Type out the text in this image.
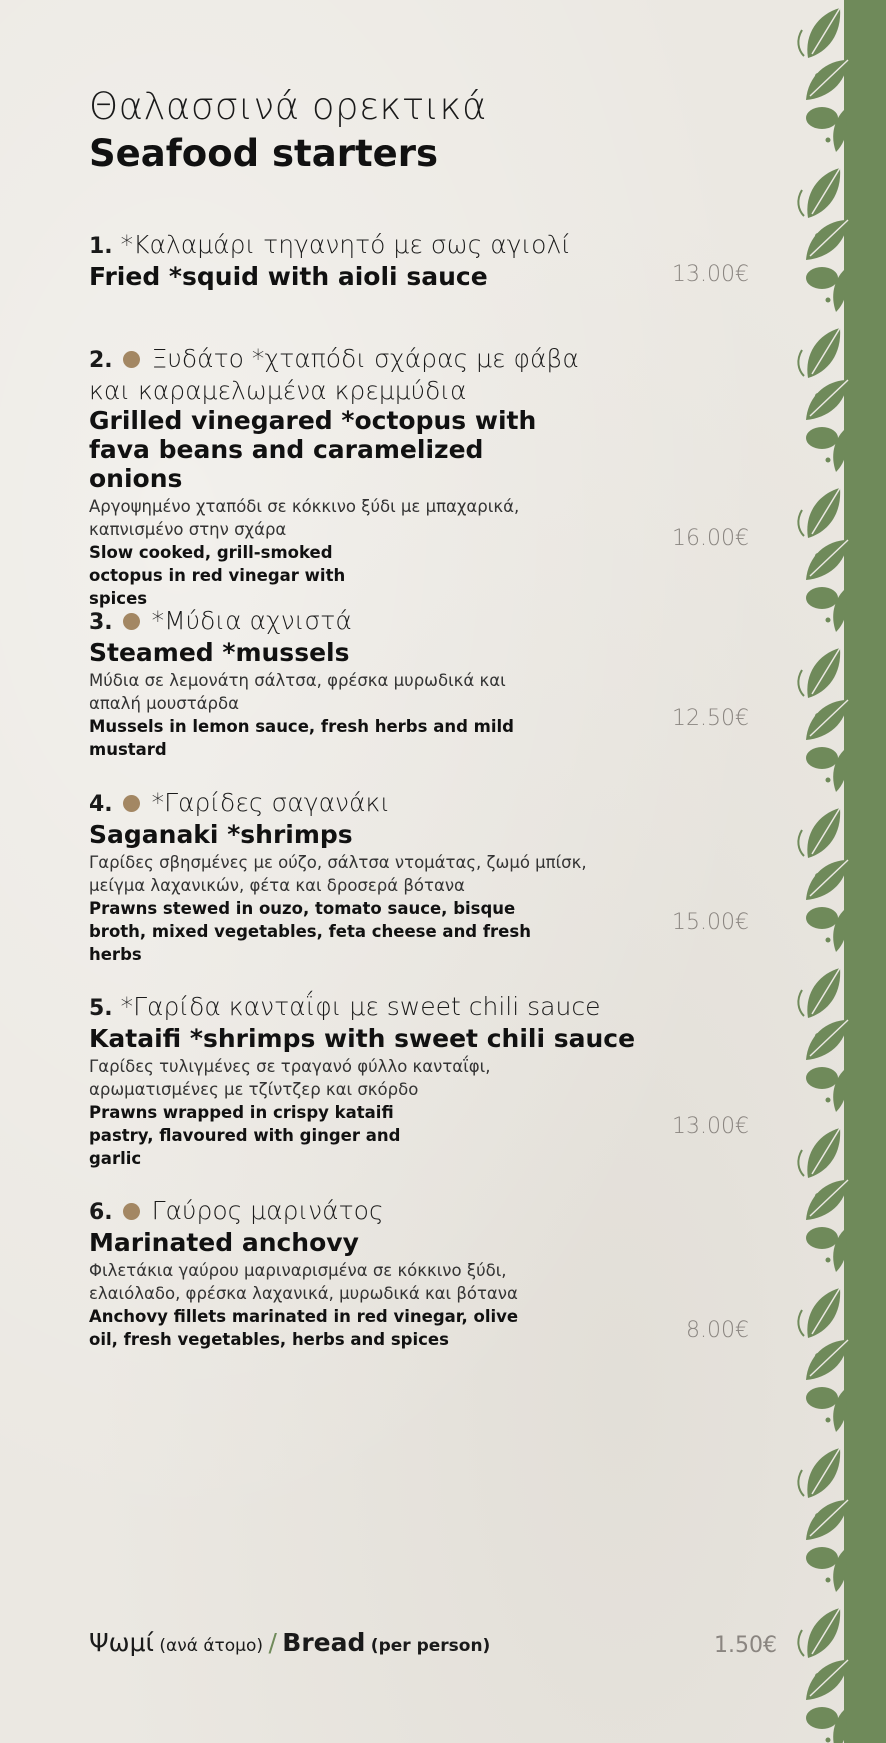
Θαλασσινά ορεκτικά
Seafood starters
1. *Καλαμάρι τηγανητό με σως αγιολί
Fried *squid with aioli sauce	13.00€
2. Ξυδάτο *χταπόδι σχάρας με φάβα και καραμελωμένα κρεμμύδια
Grilled vinegared *octopus with fava beans and caramelized onions
Αργοψημένο χταπόδι σε κόκκινο ξύδι με μπαχαρικά, καπνισμένο στην σχάρα
Slow cooked, grill-smoked octopus in red vinegar with spices
16.00€
3. *Μύδια αχνιστά
Steamed *mussels
Μύδια σε λεμονάτη σάλτσα, φρέσκα μυρωδικά και απαλή μουστάρδα
Mussels in lemon sauce, fresh herbs and mild mustard
12.50€
4. *Γαρίδες σαγανάκι
Saganaki *shrimps
Γαρίδες σβησμένες με ούζο, σάλτσα ντομάτας, ζωμό μπίσκ, μείγμα λαχανικών, φέτα και δροσερά βότανα
Prawns stewed in ouzo, tomato sauce, bisque broth, mixed vegetables, feta cheese and fresh herbs
15.00€
5. *Γαρίδα κανταΐφι με sweet chili sauce
Kataifi *shrimps with sweet chili sauce
Γαρίδες τυλιγμένες σε τραγανό φύλλο κανταΐφι, αρωματισμένες με τζίντζερ και σκόρδο
Prawns wrapped in crispy kataifi pastry, flavoured with ginger and garlic
13.00€
6. Γαύρος μαρινάτος
Marinated anchovy
Φιλετάκια γαύρου μαριναρισμένα σε κόκκινο ξύδι, ελαιόλαδο, φρέσκα λαχανικά, μυρωδικά και βότανα
Anchovy fillets marinated in red vinegar, olive oil, fresh vegetables, herbs and spices	8.00€
Ψωμί (ανά άτομο) / Bread (per person)	1.50€
